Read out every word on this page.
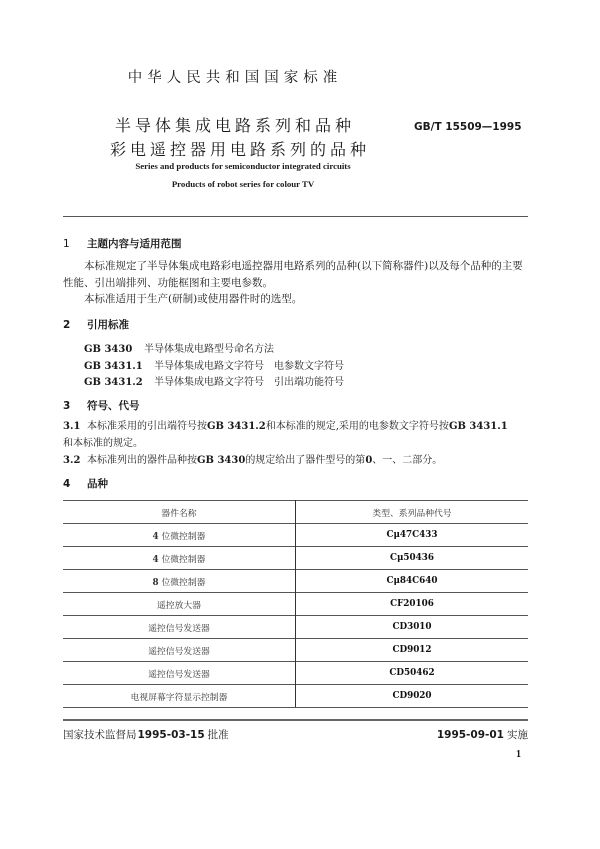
中华人民共和国国家标准
半导体集成电路系列和品种
彩电遥控器用电路系列的品种
GB/T 15509—1995
Series and products for semiconductor integrated circuits
Products of robot series for colour TV
1 主题内容与适用范围
本标准规定了半导体集成电路彩电遥控器用电路系列的品种(以下简称器件)以及每个品种的主要
性能、引出端排列、功能框图和主要电参数。
本标准适用于生产(研制)或使用器件时的选型。
2 引用标准
GB 3430 半导体集成电路型号命名方法
GB 3431.1 半导体集成电路文字符号　电参数文字符号
GB 3431.2 半导体集成电路文字符号　引出端功能符号
3 符号、代号
3.1 本标准采用的引出端符号按GB 3431.2和本标准的规定,采用的电参数文字符号按GB 3431.1
和本标准的规定。
3.2 本标准列出的器件品种按GB 3430的规定给出了器件型号的第0、一、二部分。
4 品种
器件名称	类型、系列品种代号
4 位微控制器	Cμ47C433
4 位微控制器	Cμ50436
8 位微控制器	Cμ84C640
遥控放大器	CF20106
遥控信号发送器	CD3010
遥控信号发送器	CD9012
遥控信号发送器	CD50462
电视屏幕字符显示控制器	CD9020
国家技术监督局1995-03-15 批准	1995-09-01 实施
1
